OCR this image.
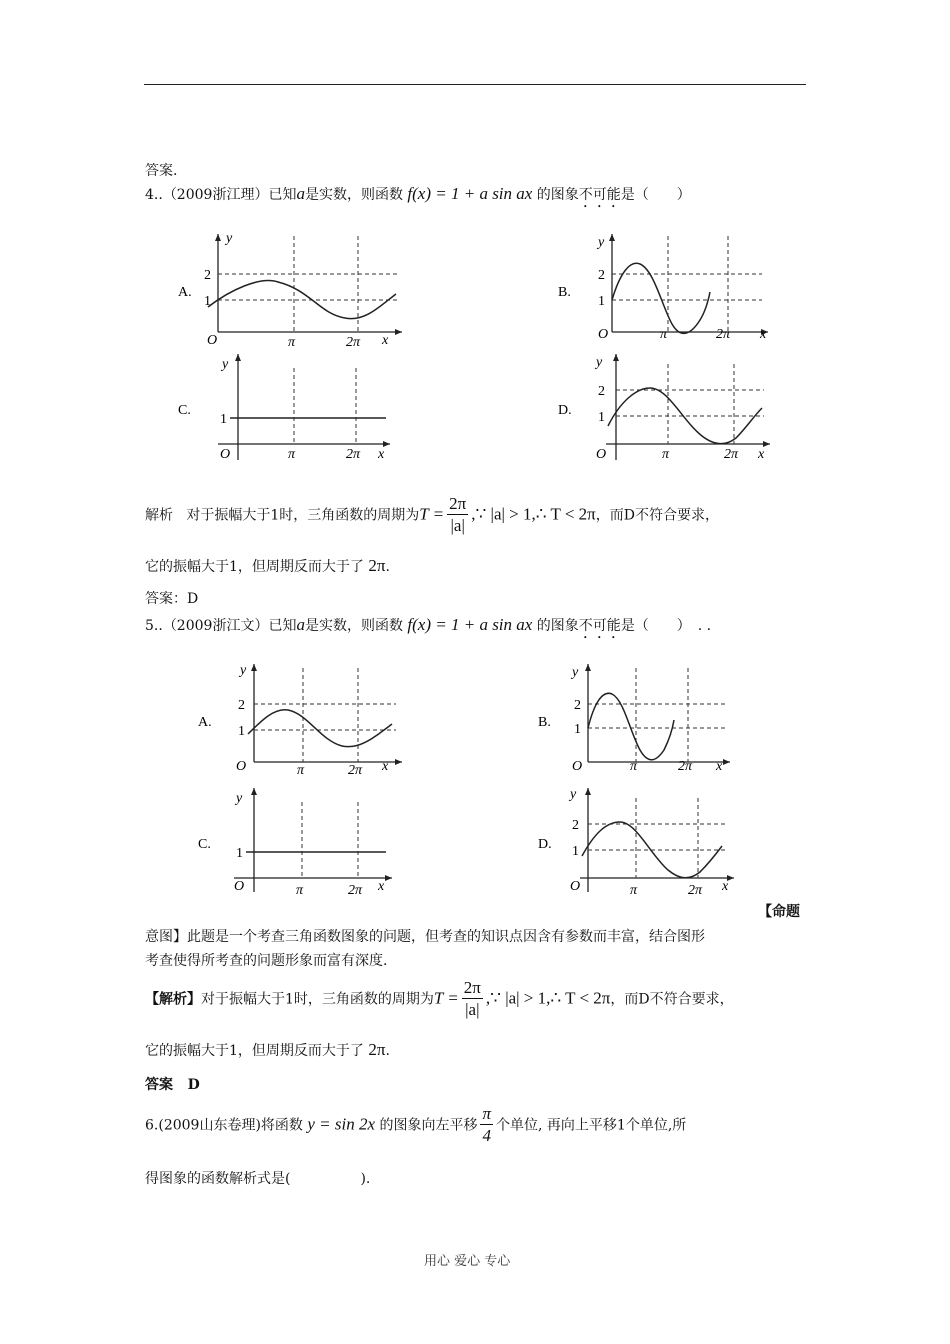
答案.
4..（2009浙江理）已知a是实数，则函数 f(x) = 1 + a sin ax 的图象不可能是（　　）
A.
y
2
1
O	π	2π x
B.
y
2
1
O	π	2π x
C.
y
1
O	π	2π x
D.
y
2
1
O	π	2π x
解析 对于振幅大于1时，三角函数的周期为$T = \frac{2\pi}{|a|}$ ,∵ |a| > 1,∴ T < 2π，而D不符合要求，
它的振幅大于1，但周期反而大于了 2π.
答案：D
5..（2009浙江文）已知a是实数，则函数 f(x) = 1 + a sin ax 的图象不可能是（　　）　. .
A.
y
2
1
O	π	2π x
B.
y
2
1
O	π	2π x
C.
y
1
O	π	2π x
D.
y
2
1
O	π	2π x
【命题
意图】此题是一个考查三角函数图象的问题，但考查的知识点因含有参数而丰富，结合图形
考查使得所考查的问题形象而富有深度.
【解析】对于振幅大于1时，三角函数的周期为$T = \frac{2\pi}{|a|}$ ,∵ |a| > 1,∴ T < 2π，而D不符合要求，
它的振幅大于1，但周期反而大于了 2π.
答案 D
6.(2009山东卷理)将函数 y = sin 2x 的图象向左平移 $\frac{\pi}{4}$ 个单位, 再向上平移1个单位,所
得图象的函数解析式是(　　　　　).
用心 爱心 专心
